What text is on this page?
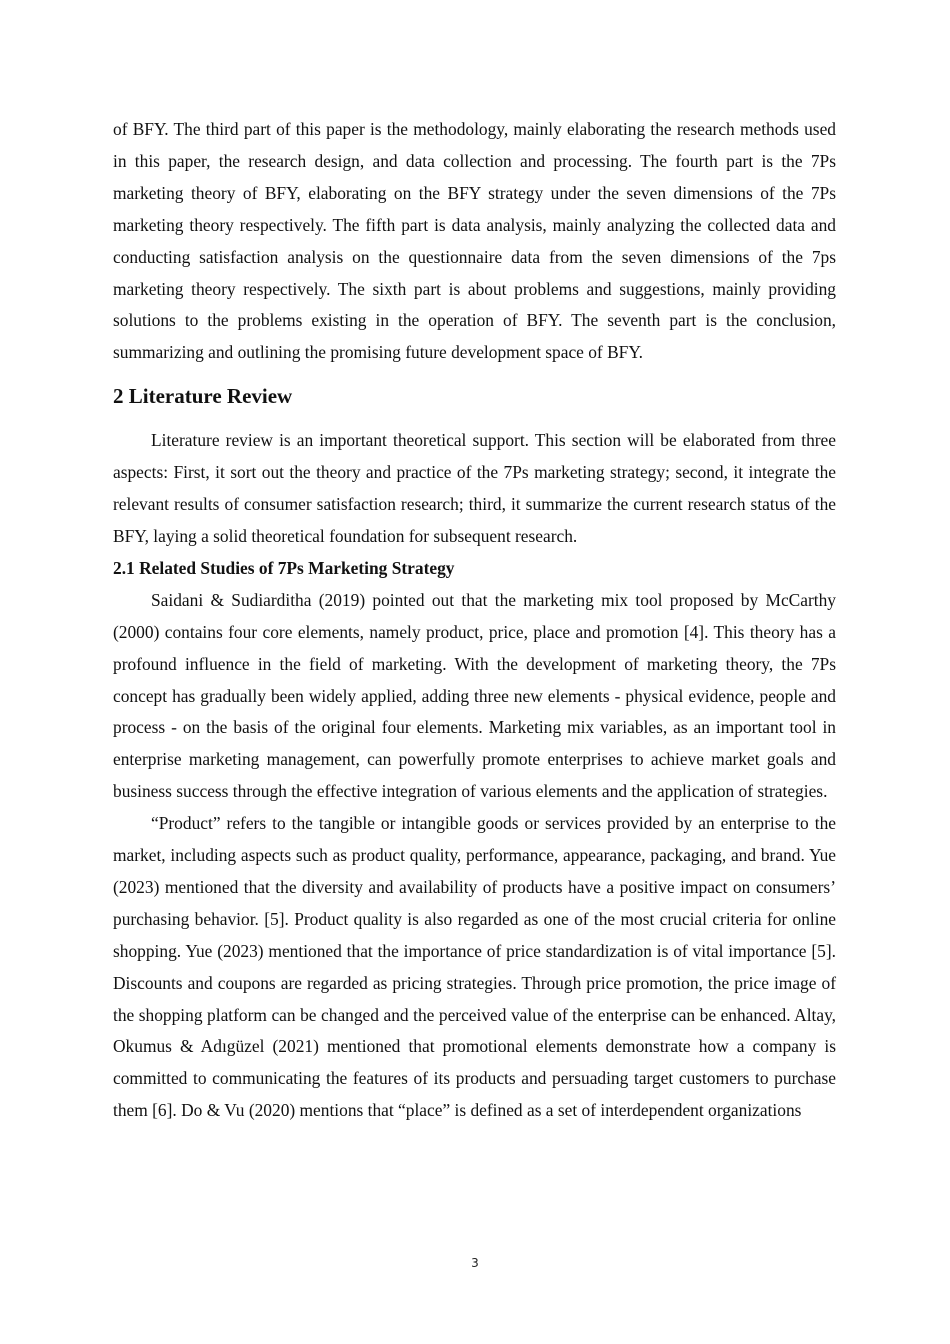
of BFY. The third part of this paper is the methodology, mainly elaborating the research methods used in this paper, the research design, and data collection and processing. The fourth part is the 7Ps marketing theory of BFY, elaborating on the BFY strategy under the seven dimensions of the 7Ps marketing theory respectively. The fifth part is data analysis, mainly analyzing the collected data and conducting satisfaction analysis on the questionnaire data from the seven dimensions of the 7ps marketing theory respectively. The sixth part is about problems and suggestions, mainly providing solutions to the problems existing in the operation of BFY. The seventh part is the conclusion, summarizing and outlining the promising future development space of BFY.

2 Literature Review

Literature review is an important theoretical support. This section will be elaborated from three aspects: First, it sort out the theory and practice of the 7Ps marketing strategy; second, it integrate the relevant results of consumer satisfaction research; third, it summarize the current research status of the BFY, laying a solid theoretical foundation for subsequent research.

2.1 Related Studies of 7Ps Marketing Strategy

Saidani & Sudiarditha (2019) pointed out that the marketing mix tool proposed by McCarthy (2000) contains four core elements, namely product, price, place and promotion [4]. This theory has a profound influence in the field of marketing. With the development of marketing theory, the 7Ps concept has gradually been widely applied, adding three new elements - physical evidence, people and process - on the basis of the original four elements. Marketing mix variables, as an important tool in enterprise marketing management, can powerfully promote enterprises to achieve market goals and business success through the effective integration of various elements and the application of strategies.

“Product” refers to the tangible or intangible goods or services provided by an enterprise to the market, including aspects such as product quality, performance, appearance, packaging, and brand. Yue (2023) mentioned that the diversity and availability of products have a positive impact on consumers’ purchasing behavior. [5]. Product quality is also regarded as one of the most crucial criteria for online shopping. Yue (2023) mentioned that the importance of price standardization is of vital importance [5]. Discounts and coupons are regarded as pricing strategies. Through price promotion, the price image of the shopping platform can be changed and the perceived value of the enterprise can be enhanced. Altay, Okumus & Adıgüzel (2021) mentioned that promotional elements demonstrate how a company is committed to communicating the features of its products and persuading target customers to purchase them [6]. Do & Vu (2020) mentions that “place” is defined as a set of interdependent organizations

3
